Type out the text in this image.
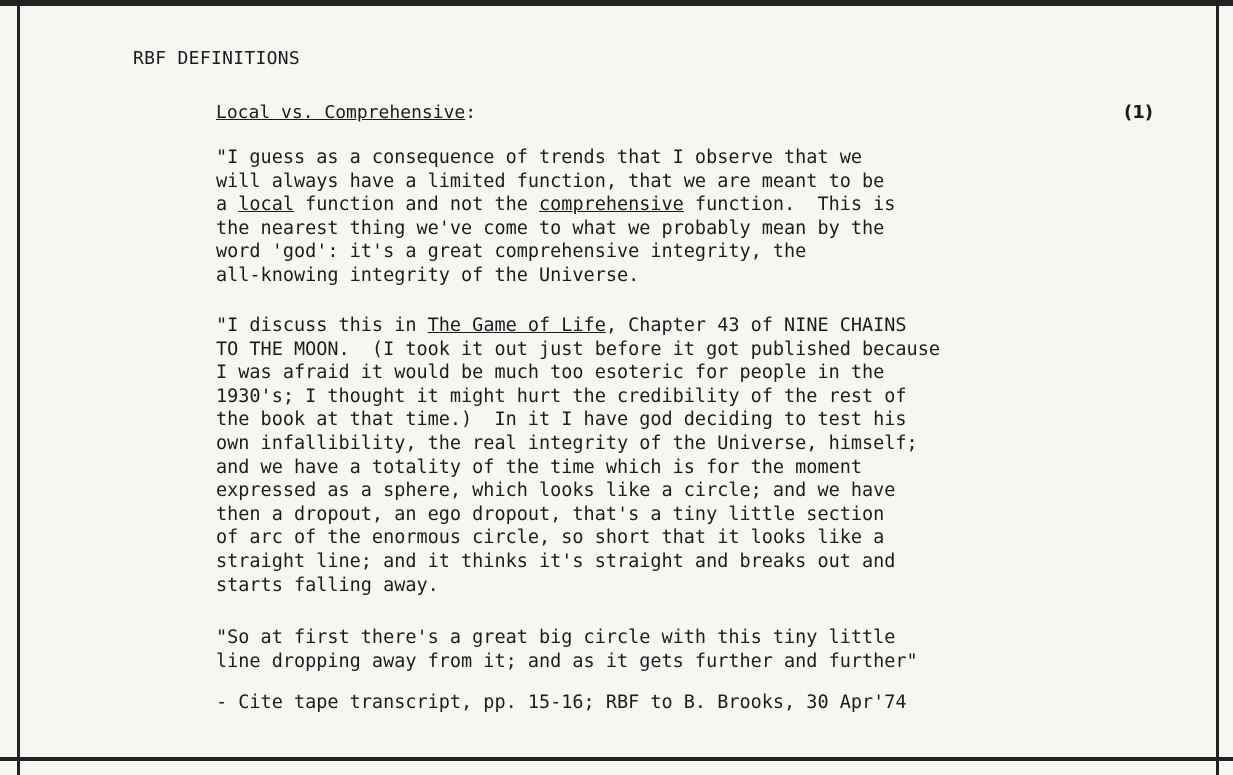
RBF DEFINITIONS
Local vs. Comprehensive:	(1)
"I guess as a consequence of trends that I observe that we
will always have a limited function, that we are meant to be
a local function and not the comprehensive function.  This is
the nearest thing we've come to what we probably mean by the
word 'god': it's a great comprehensive integrity, the
all-knowing integrity of the Universe.
"I discuss this in The Game of Life, Chapter 43 of NINE CHAINS
TO THE MOON.  (I took it out just before it got published because
I was afraid it would be much too esoteric for people in the
1930's; I thought it might hurt the credibility of the rest of
the book at that time.)  In it I have god deciding to test his
own infallibility, the real integrity of the Universe, himself;
and we have a totality of the time which is for the moment
expressed as a sphere, which looks like a circle; and we have
then a dropout, an ego dropout, that's a tiny little section
of arc of the enormous circle, so short that it looks like a
straight line; and it thinks it's straight and breaks out and
starts falling away.
"So at first there's a great big circle with this tiny little
line dropping away from it; and as it gets further and further"
- Cite tape transcript, pp. 15-16; RBF to B. Brooks, 30 Apr'74
